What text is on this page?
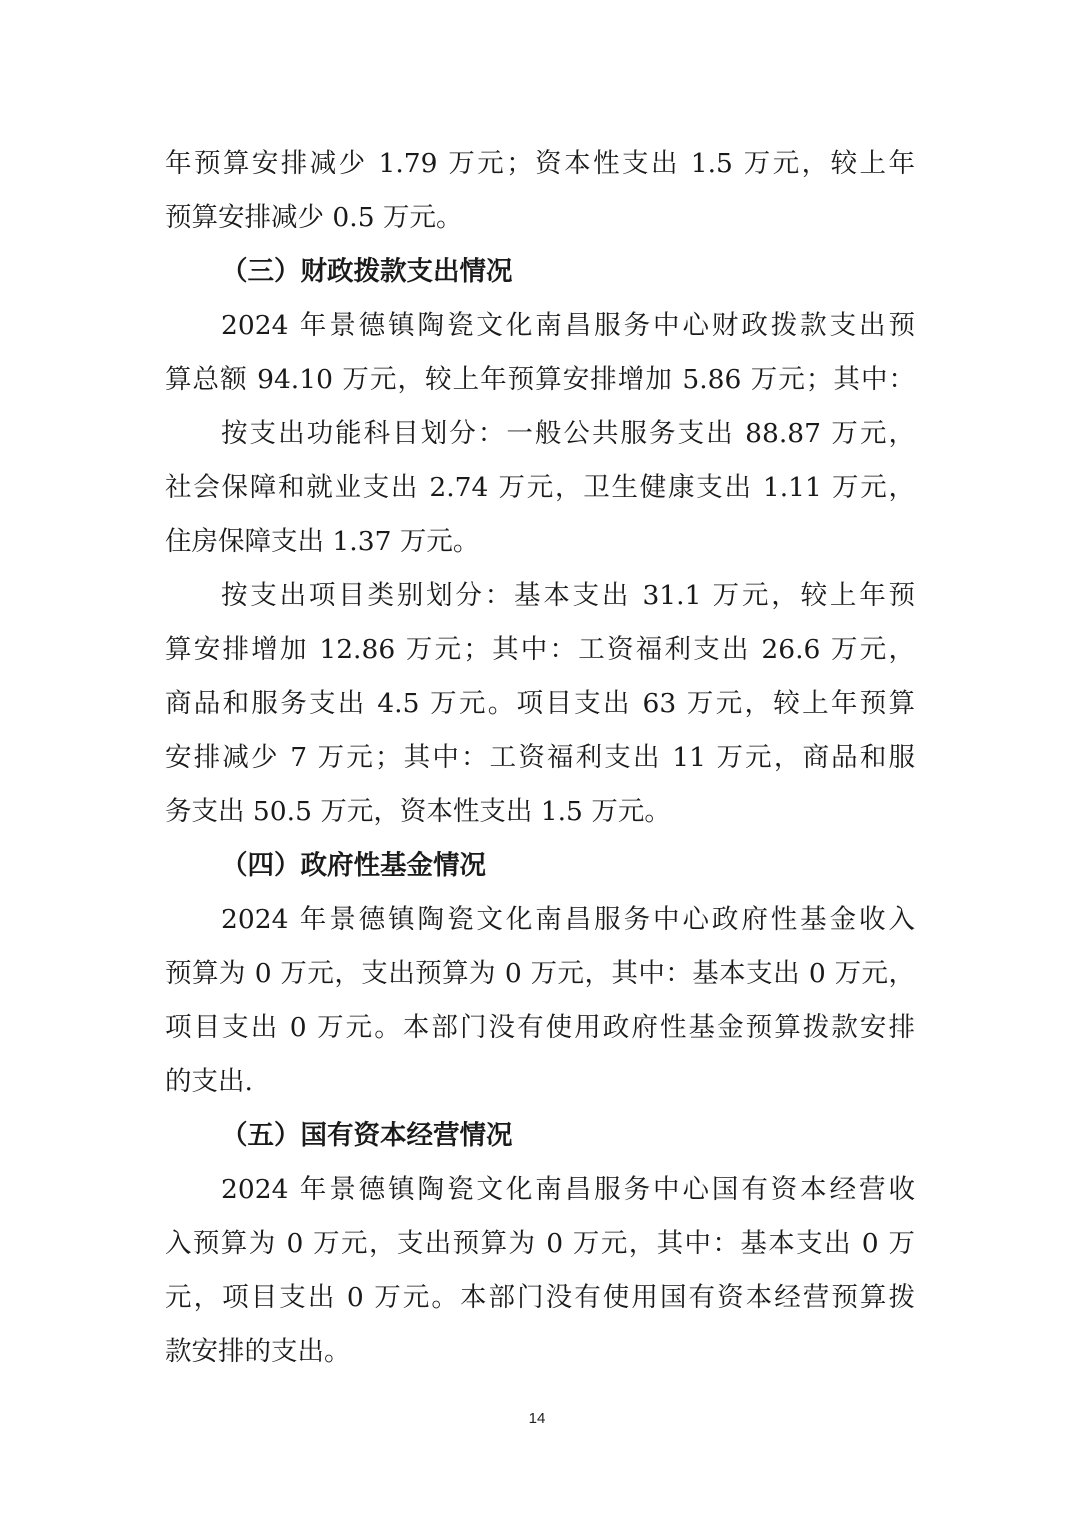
年预算安排减少 1.79 万元；资本性支出 1.5 万元，较上年
预算安排减少 0.5 万元。
（三）财政拨款支出情况
2024 年景德镇陶瓷文化南昌服务中心财政拨款支出预
算总额 94.10 万元，较上年预算安排增加 5.86 万元；其中：
按支出功能科目划分：一般公共服务支出 88.87 万元，
社会保障和就业支出 2.74 万元，卫生健康支出 1.11 万元，
住房保障支出 1.37 万元。
按支出项目类别划分：基本支出 31.1 万元，较上年预
算安排增加 12.86 万元；其中：工资福利支出 26.6 万元，
商品和服务支出 4.5 万元。项目支出 63 万元，较上年预算
安排减少 7 万元；其中：工资福利支出 11 万元，商品和服
务支出 50.5 万元，资本性支出 1.5 万元。
（四）政府性基金情况
2024 年景德镇陶瓷文化南昌服务中心政府性基金收入
预算为 0 万元，支出预算为 0 万元，其中：基本支出 0 万元，
项目支出 0 万元。本部门没有使用政府性基金预算拨款安排
的支出.
（五）国有资本经营情况
2024 年景德镇陶瓷文化南昌服务中心国有资本经营收
入预算为 0 万元，支出预算为 0 万元，其中：基本支出 0 万
元，项目支出 0 万元。本部门没有使用国有资本经营预算拨
款安排的支出。
14
